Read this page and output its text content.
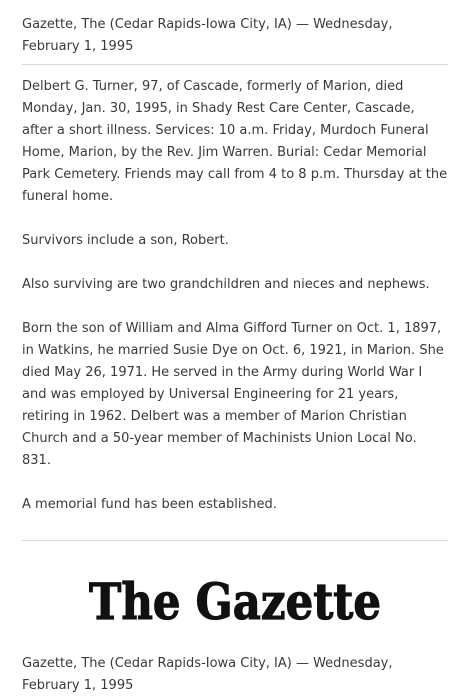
Gazette, The (Cedar Rapids-Iowa City, IA) — Wednesday, February 1, 1995

Delbert G. Turner, 97, of Cascade, formerly of Marion, died Monday, Jan. 30, 1995, in Shady Rest Care Center, Cascade, after a short illness. Services: 10 a.m. Friday, Murdoch Funeral Home, Marion, by the Rev. Jim Warren. Burial: Cedar Memorial Park Cemetery. Friends may call from 4 to 8 p.m. Thursday at the funeral home.

Survivors include a son, Robert.

Also surviving are two grandchildren and nieces and nephews.

Born the son of William and Alma Gifford Turner on Oct. 1, 1897, in Watkins, he married Susie Dye on Oct. 6, 1921, in Marion. She died May 26, 1971. He served in the Army during World War I and was employed by Universal Engineering for 21 years, retiring in 1962. Delbert was a member of Marion Christian Church and a 50-year member of Machinists Union Local No. 831.

A memorial fund has been established.

The Gazette

Gazette, The (Cedar Rapids-Iowa City, IA) — Wednesday, February 1, 1995
